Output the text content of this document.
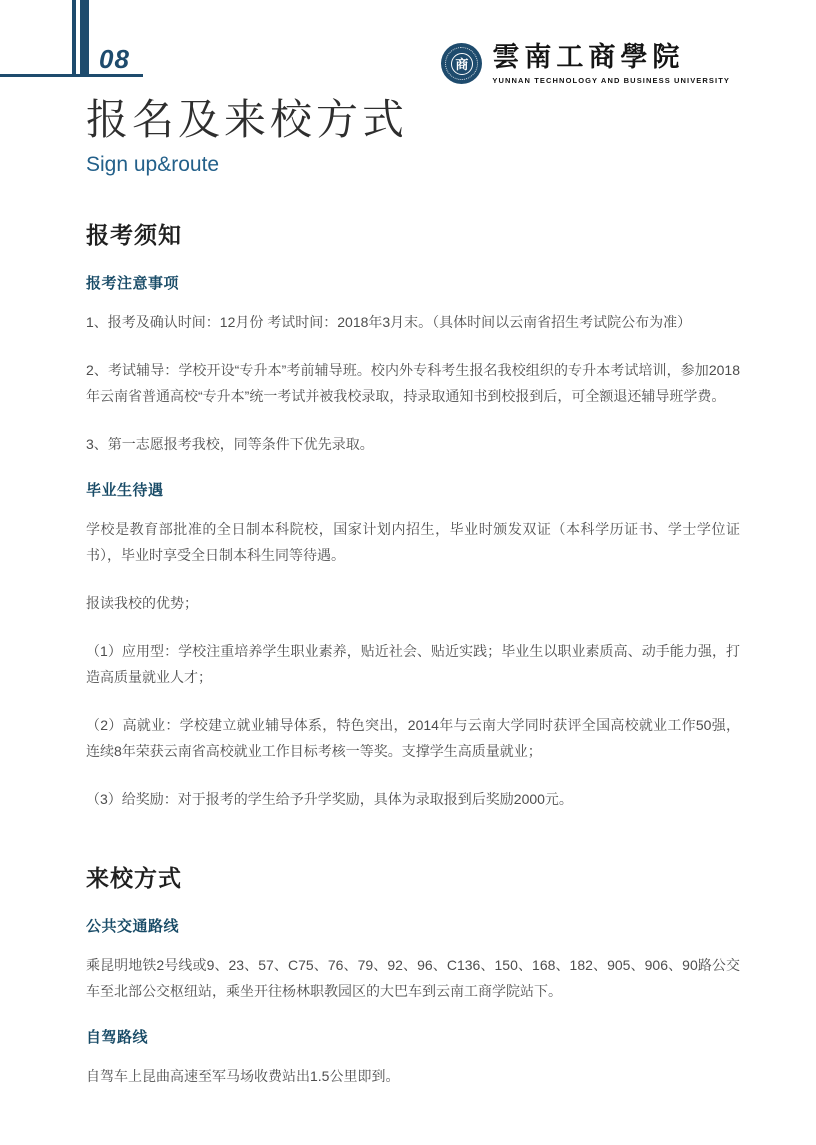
08	商 雲南工商學院
YUNNAN TECHNOLOGY AND BUSINESS UNIVERSITY
报名及来校方式
Sign up&route
报考须知
报考注意事项

1、报考及确认时间：12月份 考试时间：2018年3月末。（具体时间以云南省招生考试院公布为准）

2、考试辅导：学校开设“专升本”考前辅导班。校内外专科考生报名我校组织的专升本考试培训，参加2018年云南省普通高校“专升本”统一考试并被我校录取，持录取通知书到校报到后，可全额退还辅导班学费。

3、第一志愿报考我校，同等条件下优先录取。

毕业生待遇

学校是教育部批准的全日制本科院校，国家计划内招生，毕业时颁发双证（本科学历证书、学士学位证书），毕业时享受全日制本科生同等待遇。

报读我校的优势；

（1）应用型：学校注重培养学生职业素养，贴近社会、贴近实践；毕业生以职业素质高、动手能力强，打造高质量就业人才；

（2）高就业：学校建立就业辅导体系，特色突出，2014年与云南大学同时获评全国高校就业工作50强，连续8年荣获云南省高校就业工作目标考核一等奖。支撑学生高质量就业；

（3）给奖励：对于报考的学生给予升学奖励，具体为录取报到后奖励2000元。

来校方式
公共交通路线

乘昆明地铁2号线或9、23、57、C75、76、79、92、96、C136、150、168、182、905、906、90路公交车至北部公交枢纽站，乘坐开往杨林职教园区的大巴车到云南工商学院站下。

自驾路线

自驾车上昆曲高速至军马场收费站出1.5公里即到。
